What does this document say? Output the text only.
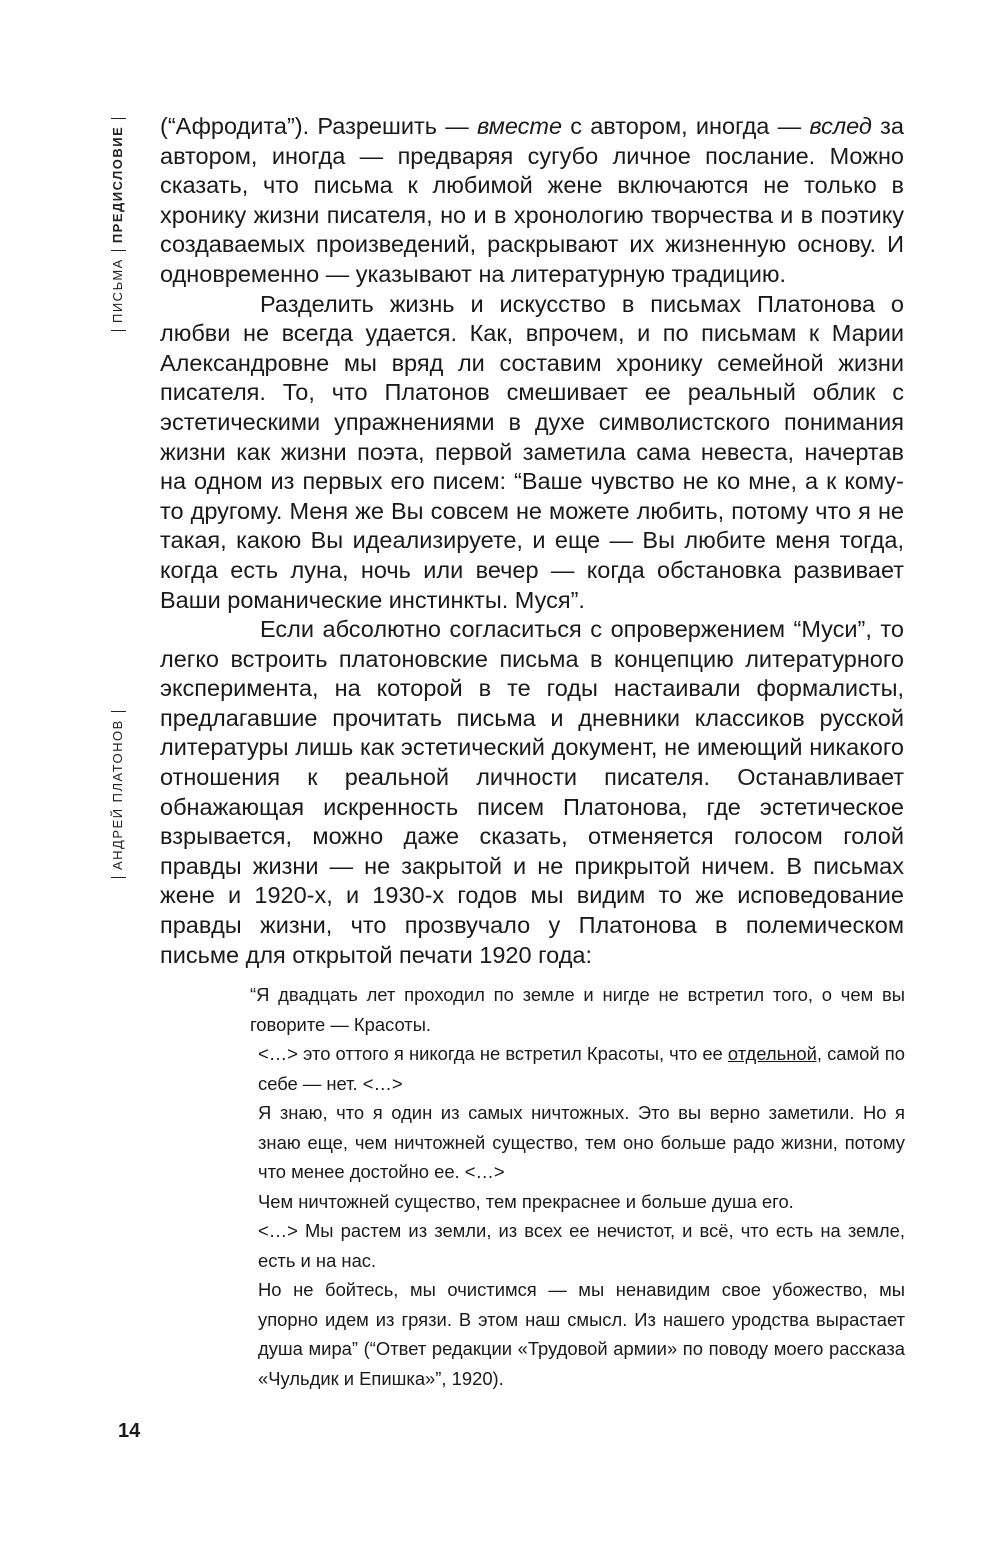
ПИСЬМАПРЕДИСЛОВИЕ
АНДРЕЙ ПЛАТОНОВ

(“Афродита”). Разрешить — вместе с автором, иногда — вслед за автором, иногда — предваряя сугубо личное послание. Можно сказать, что письма к любимой жене включаются не только в хронику жизни писателя, но и в хронологию творчества и в поэтику создаваемых произведений, раскрывают их жизненную основу. И одновременно — указывают на литературную традицию.

Разделить жизнь и искусство в письмах Платонова о любви не всегда удается. Как, впрочем, и по письмам к Марии Александровне мы вряд ли составим хронику семейной жизни писателя. То, что Платонов смешивает ее реальный облик с эстетическими упражнениями в духе символистского понимания жизни как жизни поэта, первой заметила сама невеста, начертав на одном из первых его писем: “Ваше чувство не ко мне, а к кому-то другому. Меня же Вы совсем не можете любить, потому что я не такая, какою Вы идеализируете, и еще — Вы любите меня тогда, когда есть луна, ночь или вечер — когда обстановка развивает Ваши романические инстинкты. Муся”.

Если абсолютно согласиться с опровержением “Муси”, то легко встроить платоновские письма в концепцию литературного эксперимента, на которой в те годы настаивали формалисты, предлагавшие прочитать письма и дневники классиков русской литературы лишь как эстетический документ, не имеющий никакого отношения к реальной личности писателя. Останавливает обнажающая искренность писем Платонова, где эстетическое взрывается, можно даже сказать, отменяется голосом голой правды жизни — не закрытой и не прикрытой ничем. В письмах жене и 1920-х, и 1930-х годов мы видим то же исповедование правды жизни, что прозвучало у Платонова в полемическом письме для открытой печати 1920 года:

“Я двадцать лет проходил по земле и нигде не встретил того, о чем вы говорите — Красоты.

<…> это оттого я никогда не встретил Красоты, что ее отдельной, самой по себе — нет. <…>

Я знаю, что я один из самых ничтожных. Это вы верно заметили. Но я знаю еще, чем ничтожней существо, тем оно больше радо жизни, потому что менее достойно ее. <…>

Чем ничтожней существо, тем прекраснее и больше душа его.

<…> Мы растем из земли, из всех ее нечистот, и всё, что есть на земле, есть и на нас.

Но не бойтесь, мы очистимся — мы ненавидим свое убожество, мы упорно идем из грязи. В этом наш смысл. Из нашего уродства вырастает душа мира” (“Ответ редакции «Трудовой армии» по поводу моего рассказа «Чульдик и Епишка»”, 1920).

14
